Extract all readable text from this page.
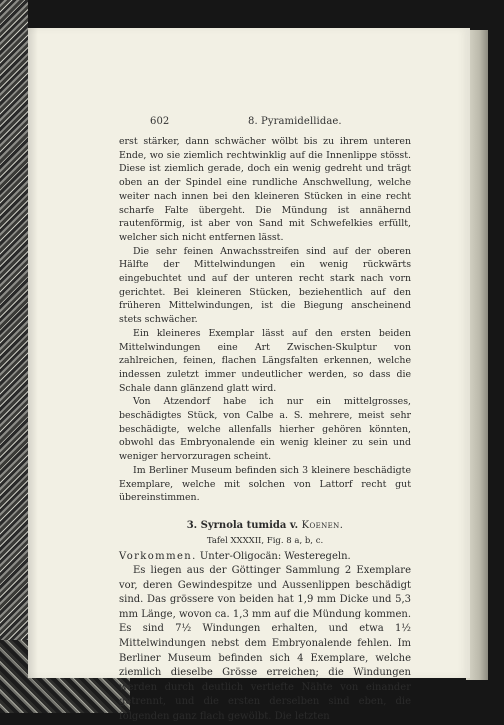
602	8. Pyramidellidae.

erst stärker, dann schwächer wölbt bis zu ihrem unteren Ende, wo sie ziemlich rechtwinklig auf die Innenlippe stösst. Diese ist ziemlich gerade, doch ein wenig gedreht und trägt oben an der Spindel eine rundliche Anschwellung, welche weiter nach innen bei den kleineren Stücken in eine recht scharfe Falte übergeht. Die Mündung ist annähernd rautenförmig, ist aber von Sand mit Schwefelkies erfüllt, welcher sich nicht entfernen lässt.

Die sehr feinen Anwachsstreifen sind auf der oberen Hälfte der Mittelwindungen ein wenig rückwärts eingebuchtet und auf der unteren recht stark nach vorn gerichtet. Bei kleineren Stücken, beziehentlich auf den früheren Mittelwindungen, ist die Biegung anscheinend stets schwächer.

Ein kleineres Exemplar lässt auf den ersten beiden Mittelwindungen eine Art Zwischen-Skulptur von zahlreichen, feinen, flachen Längsfalten erkennen, welche indessen zuletzt immer undeutlicher werden, so dass die Schale dann glänzend glatt wird.

Von Atzendorf habe ich nur ein mittelgrosses, beschädigtes Stück, von Calbe a. S. mehrere, meist sehr beschädigte, welche allenfalls hierher gehören könnten, obwohl das Embryonalende ein wenig kleiner zu sein und weniger hervorzuragen scheint.

Im Berliner Museum befinden sich 3 kleinere beschädigte Exemplare, welche mit solchen von Lattorf recht gut übereinstimmen.

3. Syrnola tumida v. Koenen.
Tafel XXXXII, Fig. 8 a, b, c.
Vorkommen. Unter-Oligocän: Westeregeln.

Es liegen aus der Göttinger Sammlung 2 Exemplare vor, deren Gewindespitze und Aussenlippen beschädigt sind. Das grössere von beiden hat 1,9 mm Dicke und 5,3 mm Länge, wovon ca. 1,3 mm auf die Mündung kommen. Es sind 7½ Windungen erhalten, und etwa 1½ Mittelwindungen nebst dem Embryonalende fehlen. Im Berliner Museum befinden sich 4 Exemplare, welche ziemlich dieselbe Grösse erreichen; die Windungen werden durch deutlich vertiefte Nähte von einander getrennt, und die ersten derselben sind eben, die folgenden ganz flach gewölbt. Die letzten
